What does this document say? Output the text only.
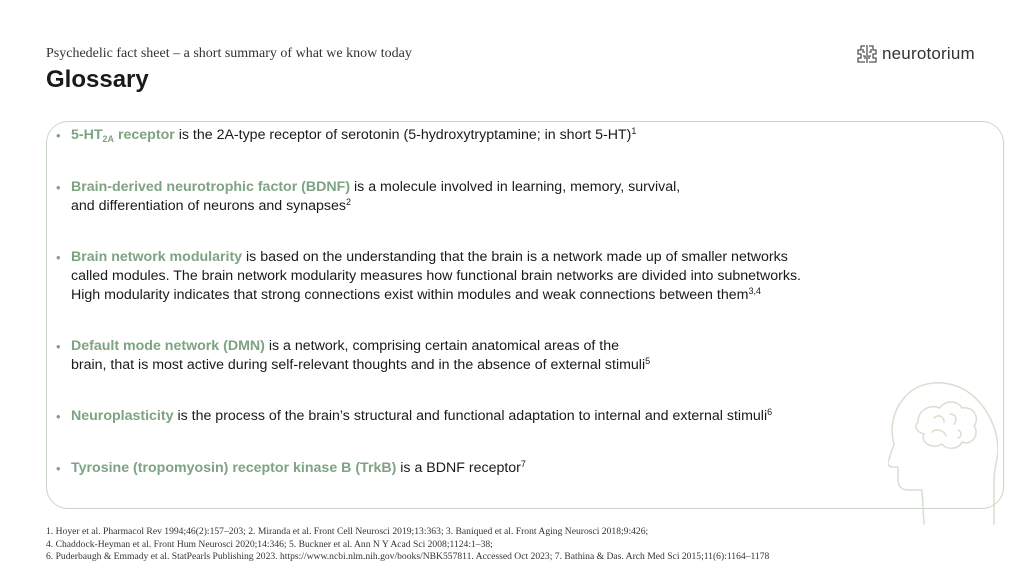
Psychedelic fact sheet – a short summary of what we know today
Glossary
neurotorium
• $5-HT_{2A}$ receptor is the 2A-type receptor of serotonin (5-hydroxytryptamine; in short 5-HT)$^1$
• Brain-derived neurotrophic factor (BDNF) is a molecule involved in learning, memory, survival,
and differentiation of neurons and synapses$^2$
• Brain network modularity is based on the understanding that the brain is a network made up of smaller networks
called modules. The brain network modularity measures how functional brain networks are divided into subnetworks.
High modularity indicates that strong connections exist within modules and weak connections between them$^{3,4}$
• Default mode network (DMN) is a network, comprising certain anatomical areas of the
brain, that is most active during self-relevant thoughts and in the absence of external stimuli$^5$
• Neuroplasticity is the process of the brain’s structural and functional adaptation to internal and external stimuli$^6$
• Tyrosine (tropomyosin) receptor kinase B (TrkB) is a BDNF receptor$^7$
1. Hoyer et al. Pharmacol Rev 1994;46(2):157–203; 2. Miranda et al. Front Cell Neurosci 2019;13:363; 3. Baniqued et al. Front Aging Neurosci 2018;9:426;
4. Chaddock-Heyman et al. Front Hum Neurosci 2020;14:346; 5. Buckner et al. Ann N Y Acad Sci 2008;1124:1–38;
6. Puderbaugh & Emmady et al. StatPearls Publishing 2023. https://www.ncbi.nlm.nih.gov/books/NBK557811. Accessed Oct 2023; 7. Bathina & Das. Arch Med Sci 2015;11(6):1164–1178
